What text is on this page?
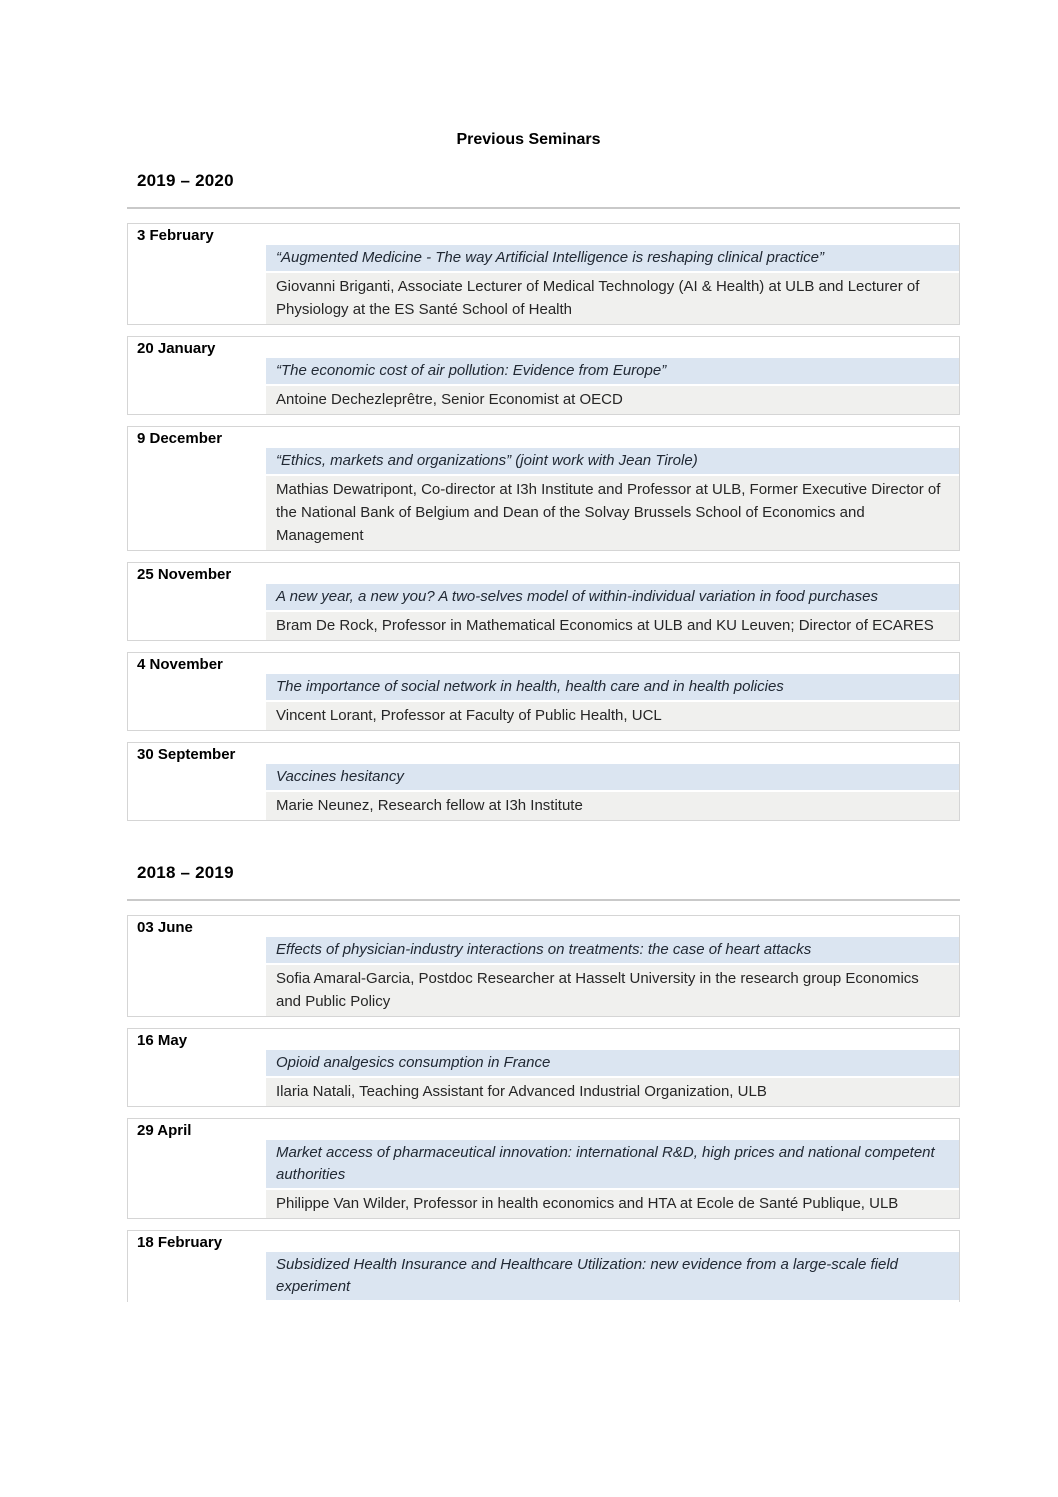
Previous Seminars
2019 – 2020
3 February
“Augmented Medicine - The way Artificial Intelligence is reshaping clinical practice”
Giovanni Briganti, Associate Lecturer of Medical Technology (AI & Health) at ULB and Lecturer of Physiology at the ES Santé School of Health
20 January
“The economic cost of air pollution: Evidence from Europe”
Antoine Dechezleprêtre, Senior Economist at OECD
9 December
“Ethics, markets and organizations” (joint work with Jean Tirole)
Mathias Dewatripont, Co-director at I3h Institute and Professor at ULB, Former Executive Director of the National Bank of Belgium and Dean of the Solvay Brussels School of Economics and Management
25 November
A new year, a new you? A two-selves model of within-individual variation in food purchases
Bram De Rock, Professor in Mathematical Economics at ULB and KU Leuven; Director of ECARES
4 November
The importance of social network in health, health care and in health policies
Vincent Lorant, Professor at Faculty of Public Health, UCL
30 September
Vaccines hesitancy
Marie Neunez, Research fellow at I3h Institute
2018 – 2019
03 June
Effects of physician-industry interactions on treatments: the case of heart attacks
Sofia Amaral-Garcia, Postdoc Researcher at Hasselt University in the research group Economics and Public Policy
16 May
Opioid analgesics consumption in France
Ilaria Natali, Teaching Assistant for Advanced Industrial Organization, ULB
29 April
Market access of pharmaceutical innovation: international R&D, high prices and national competent authorities
Philippe Van Wilder, Professor in health economics and HTA at Ecole de Santé Publique, ULB
18 February
Subsidized Health Insurance and Healthcare Utilization: new evidence from a large-scale field experiment
